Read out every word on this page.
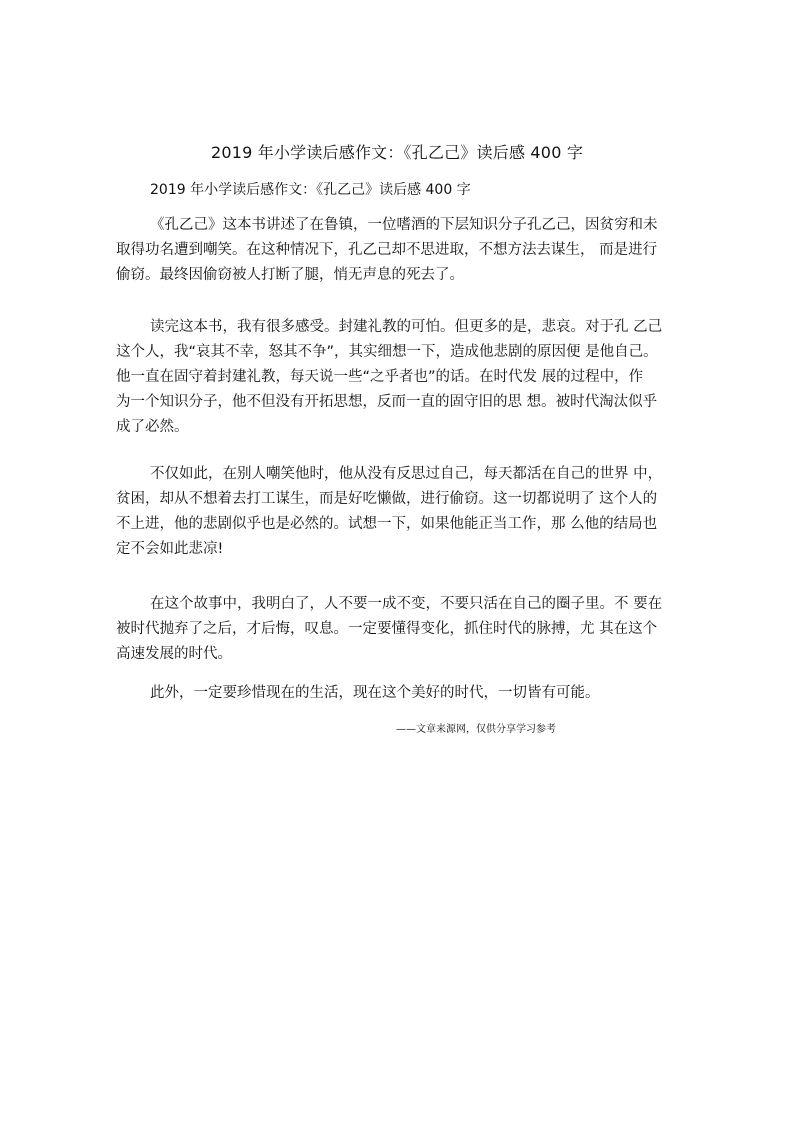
2019 年小学读后感作文：《孔乙己》读后感 400 字
2019 年小学读后感作文：《孔乙己》读后感 400 字
《孔乙己》这本书讲述了在鲁镇，一位嗜酒的下层知识分子孔乙己，因贫穷和未
取得功名遭到嘲笑。在这种情况下，孔乙己却不思进取，不想方法去谋生， 而是进行
偷窃。最终因偷窃被人打断了腿，悄无声息的死去了。
读完这本书，我有很多感受。封建礼教的可怕。但更多的是，悲哀。对于孔 乙己
这个人，我“哀其不幸，怒其不争”，其实细想一下，造成他悲剧的原因便 是他自己。
他一直在固守着封建礼教，每天说一些“之乎者也”的话。在时代发 展的过程中，作
为一个知识分子，他不但没有开拓思想，反而一直的固守旧的思 想。被时代淘汰似乎
成了必然。
不仅如此，在别人嘲笑他时，他从没有反思过自己，每天都活在自己的世界 中，
贫困，却从不想着去打工谋生，而是好吃懒做，进行偷窃。这一切都说明了 这个人的
不上进，他的悲剧似乎也是必然的。试想一下，如果他能正当工作，那 么他的结局也
定不会如此悲凉!
在这个故事中，我明白了，人不要一成不变，不要只活在自己的圈子里。不 要在
被时代抛弃了之后，才后悔，叹息。一定要懂得变化，抓住时代的脉搏，尤 其在这个
高速发展的时代。
此外，一定要珍惜现在的生活，现在这个美好的时代，一切皆有可能。
——文章来源网，仅供分享学习参考
